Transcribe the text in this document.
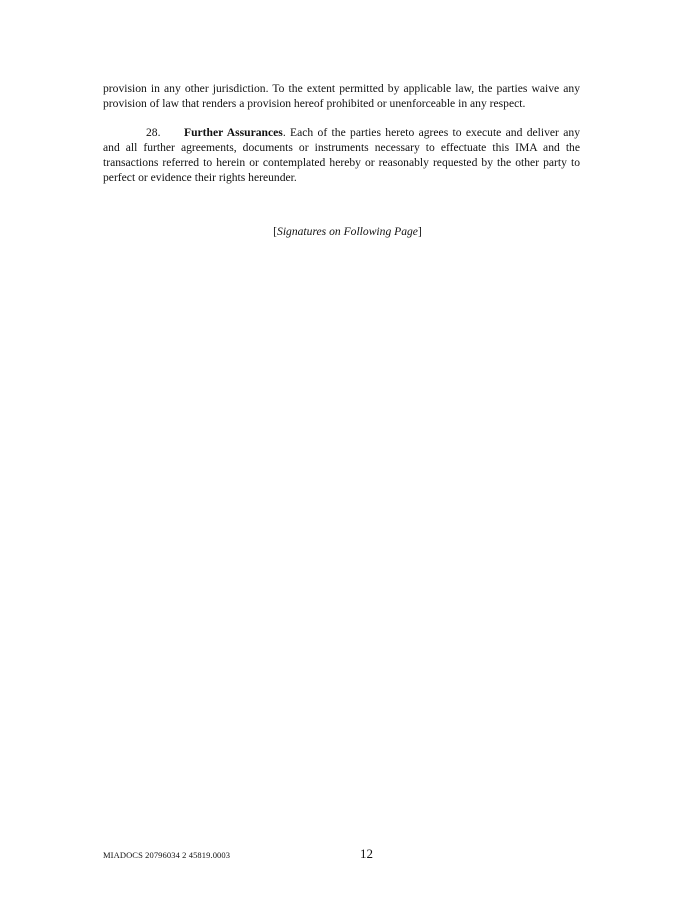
provision in any other jurisdiction. To the extent permitted by applicable law, the parties waive any provision of law that renders a provision hereof prohibited or unenforceable in any respect.

28. Further Assurances. Each of the parties hereto agrees to execute and deliver any and all further agreements, documents or instruments necessary to effectuate this IMA and the transactions referred to herein or contemplated hereby or reasonably requested by the other party to perfect or evidence their rights hereunder.

[Signatures on Following Page]
MIADOCS 20796034 2 45819.0003	12
